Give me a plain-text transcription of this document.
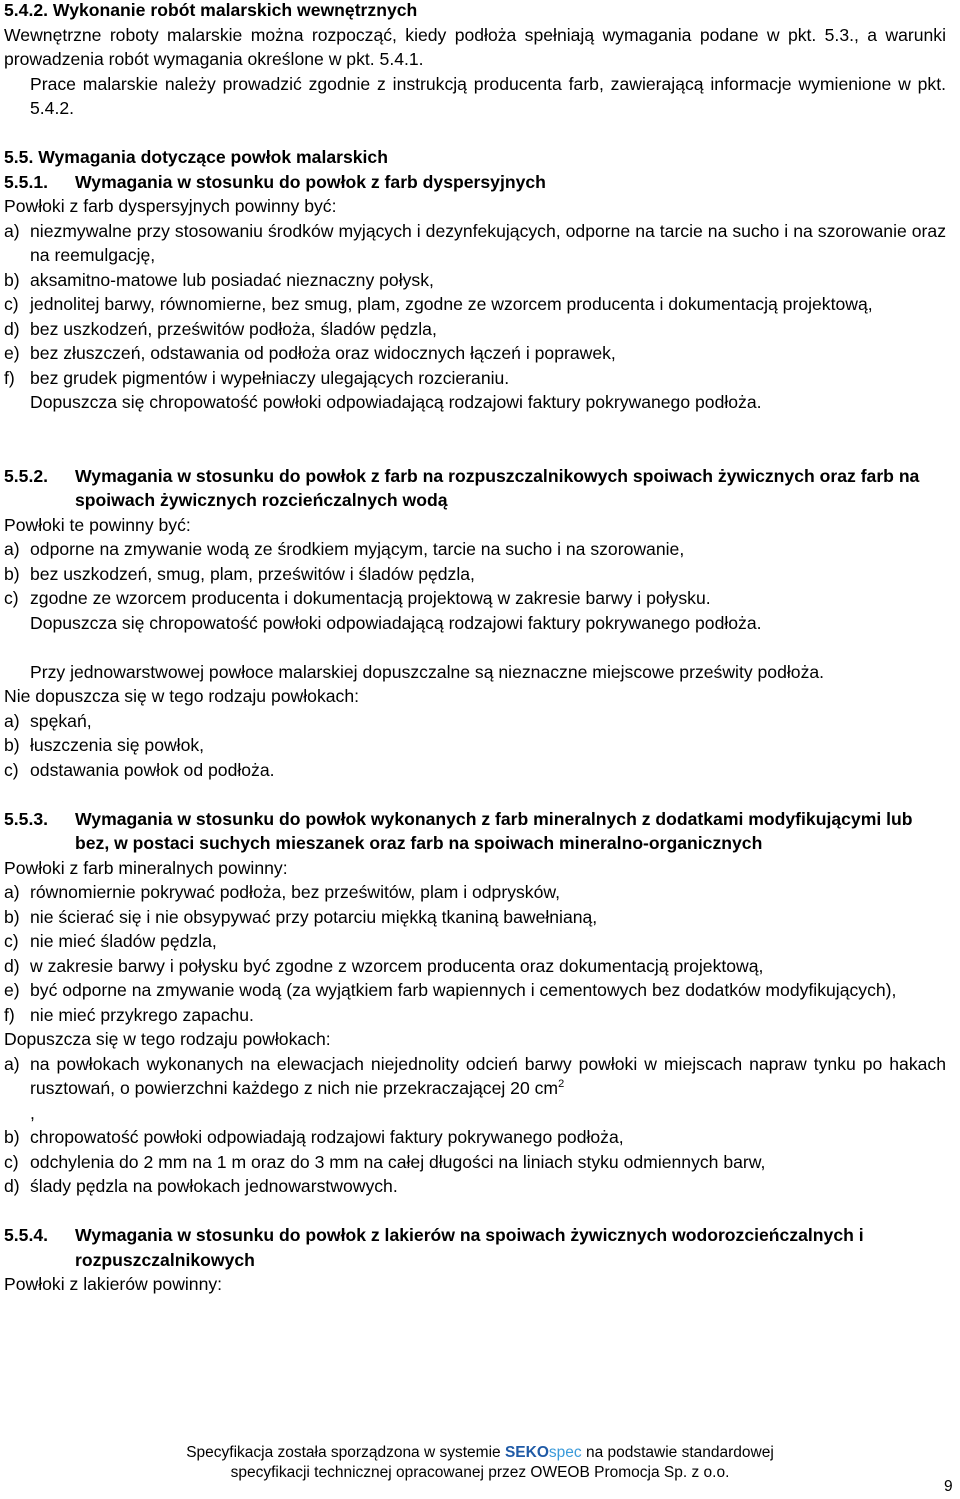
5.4.2. Wykonanie robót malarskich wewnętrznych

Wewnętrzne roboty malarskie można rozpocząć, kiedy podłoża spełniają wymagania podane w pkt. 5.3., a warunki prowadzenia robót wymagania określone w pkt. 5.4.1.

Prace malarskie należy prowadzić zgodnie z instrukcją producenta farb, zawierającą informacje wymienione w pkt. 5.4.2.

5.5. Wymagania dotyczące powłok malarskich

5.5.1.	Wymagania w stosunku do powłok z farb dyspersyjnych

Powłoki z farb dyspersyjnych powinny być:

a) niezmywalne przy stosowaniu środków myjących i dezynfekujących, odporne na tarcie na sucho i na szorowanie oraz na reemulgację,
b) aksamitno-matowe lub posiadać nieznaczny połysk,
c) jednolitej barwy, równomierne, bez smug, plam, zgodne ze wzorcem producenta i dokumentacją projektową,
d) bez uszkodzeń, prześwitów podłoża, śladów pędzla,
e) bez złuszczeń, odstawania od podłoża oraz widocznych łączeń i poprawek,
f) bez grudek pigmentów i wypełniaczy ulegających rozcieraniu.

Dopuszcza się chropowatość powłoki odpowiadającą rodzajowi faktury pokrywanego podłoża.

5.5.2.	Wymagania w stosunku do powłok z farb na rozpuszczalnikowych spoiwach żywicznych oraz farb na spoiwach żywicznych rozcieńczalnych wodą

Powłoki te powinny być:

a) odporne na zmywanie wodą ze środkiem myjącym, tarcie na sucho i na szorowanie,
b) bez uszkodzeń, smug, plam, prześwitów i śladów pędzla,
c) zgodne ze wzorcem producenta i dokumentacją projektową w zakresie barwy i połysku.

Dopuszcza się chropowatość powłoki odpowiadającą rodzajowi faktury pokrywanego podłoża.

Przy jednowarstwowej powłoce malarskiej dopuszczalne są nieznaczne miejscowe prześwity podłoża.

Nie dopuszcza się w tego rodzaju powłokach:

a) spękań,
b) łuszczenia się powłok,
c) odstawania powłok od podłoża.
5.5.3.	Wymagania w stosunku do powłok wykonanych z farb mineralnych z dodatkami modyfikującymi lub bez, w postaci suchych mieszanek oraz farb na spoiwach mineralno-organicznych

Powłoki z farb mineralnych powinny:

a) równomiernie pokrywać podłoża, bez prześwitów, plam i odprysków,
b) nie ścierać się i nie obsypywać przy potarciu miękką tkaniną bawełnianą,
c) nie mieć śladów pędzla,
d) w zakresie barwy i połysku być zgodne z wzorcem producenta oraz dokumentacją projektową,
e) być odporne na zmywanie wodą (za wyjątkiem farb wapiennych i cementowych bez dodatków modyfikujących),
f) nie mieć przykrego zapachu.

Dopuszcza się w tego rodzaju powłokach:

a) na powłokach wykonanych na elewacjach niejednolity odcień barwy powłoki w miejscach napraw tynku po hakach rusztowań, o powierzchni każdego z nich nie przekraczającej 20 $cm^2$
,
b) chropowatość powłoki odpowiadają rodzajowi faktury pokrywanego podłoża,
c) odchylenia do 2 mm na 1 m oraz do 3 mm na całej długości na liniach styku odmiennych barw,
d) ślady pędzla na powłokach jednowarstwowych.
5.5.4.	Wymagania w stosunku do powłok z lakierów na spoiwach żywicznych wodorozcieńczalnych i rozpuszczalnikowych

Powłoki z lakierów powinny:

Specyfikacja została sporządzona w systemie SEKOspec na podstawie standardowej
specyfikacji technicznej opracowanej przez OWEOB Promocja Sp. z o.o.
9
